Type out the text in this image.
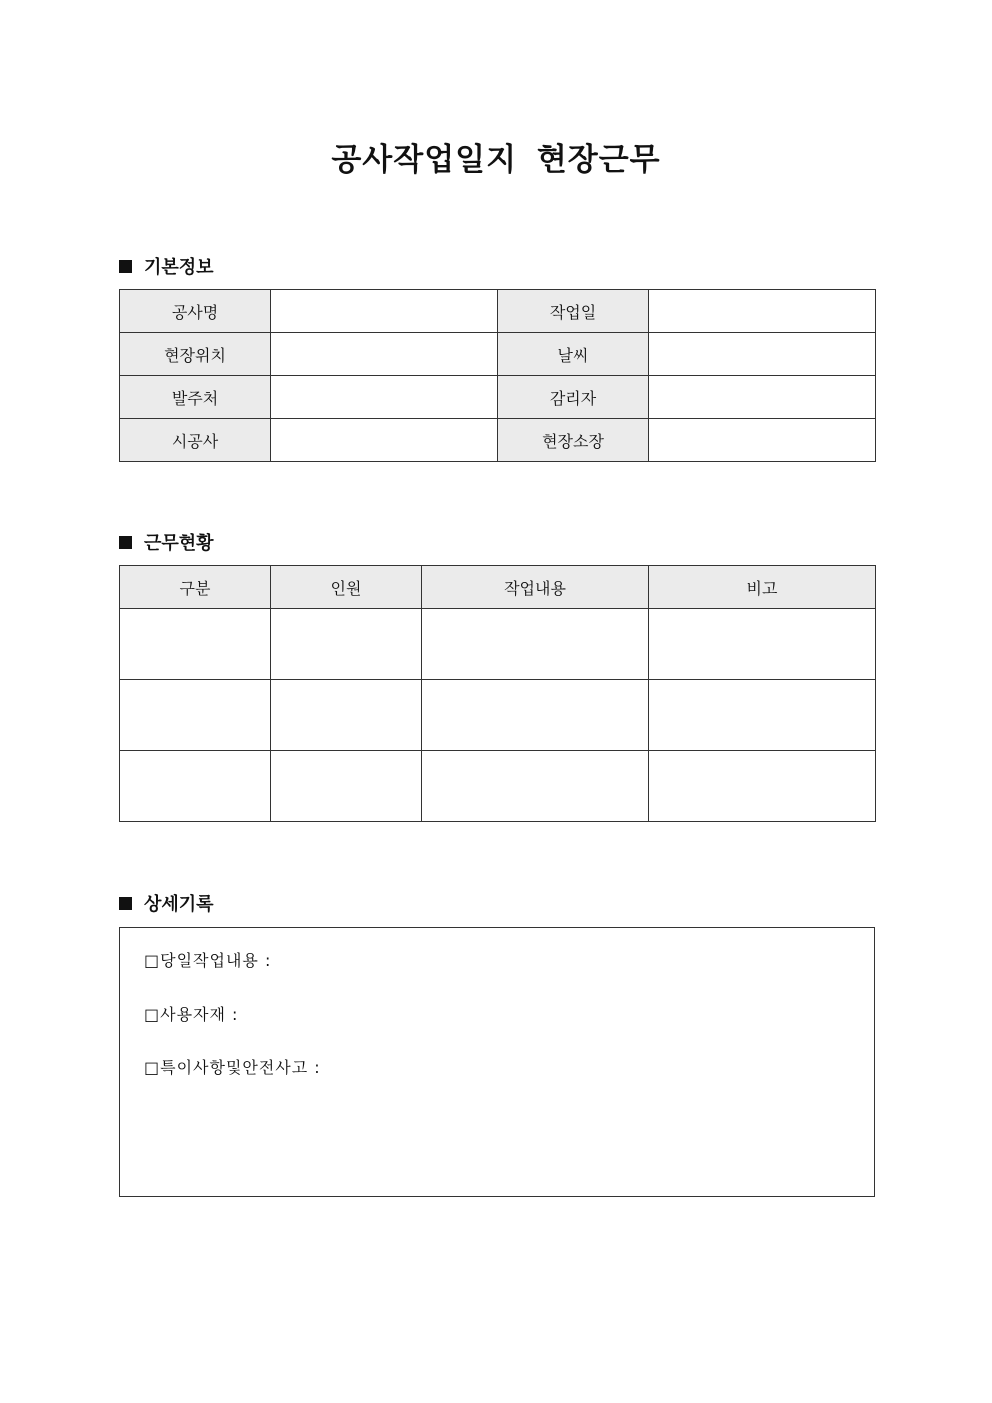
공사작업일지 현장근무
기본정보
공사명		작업일	
현장위치		날씨	
발주처		감리자	
시공사		현장소장	
근무현황
구분	인원	작업내용	비고

상세기록
□당일작업내용 :
□사용자재 :
□특이사항및안전사고 :
